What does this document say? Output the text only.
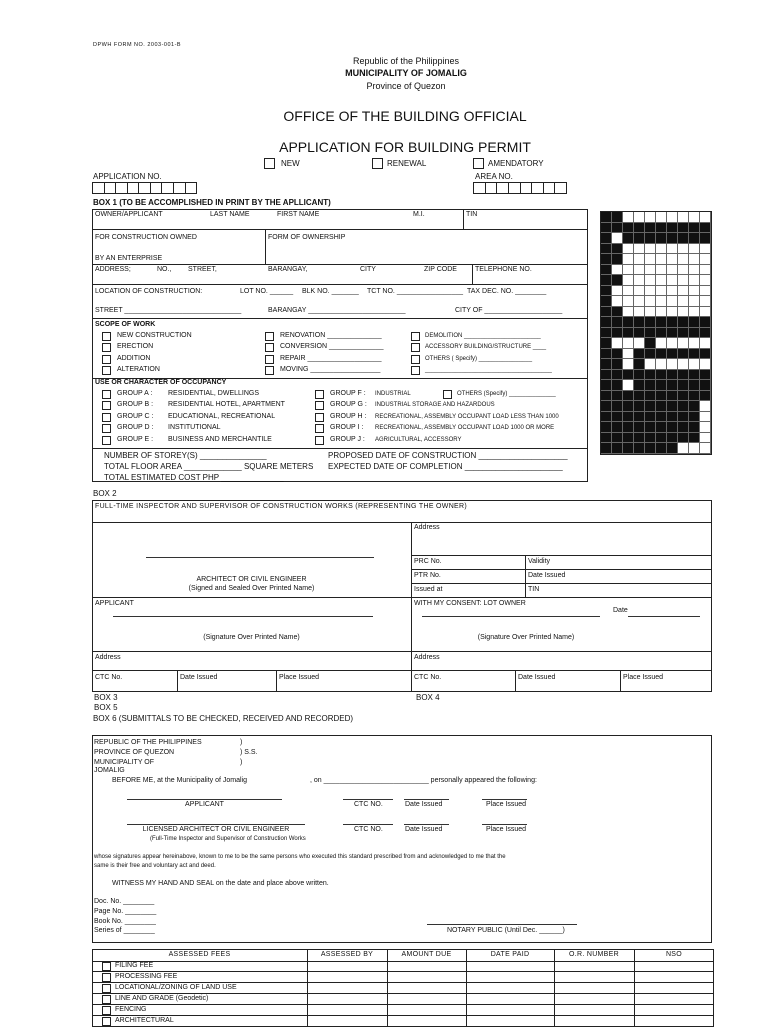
DPWH FORM NO. 2003-001-B
Republic of the Philippines
MUNICIPALITY OF JOMALIG
Province of Quezon
OFFICE OF THE BUILDING OFFICIAL
APPLICATION FOR BUILDING PERMIT
NEW	RENEWAL	AMENDATORY
APPLICATION NO.	AREA NO.
BOX 1 (TO BE ACCOMPLISHED IN PRINT BY THE APLLICANT)
OWNER/APPLICANT	LAST NAME	FIRST NAME	M.I.	TIN
FOR CONSTRUCTION OWNED
BY AN ENTERPRISE
FORM OF OWNERSHIP
ADDRESS;	NO., STREET,	BARANGAY,	CITY	ZIP CODE	TELEPHONE NO.
LOCATION OF CONSTRUCTION:	LOT NO. ______ BLK NO. _______ TCT NO. _________________ TAX DEC. NO. ________
STREET ______________________________	BARANGAY _________________________	CITY OF ____________________
SCOPE OF WORK
NEW CONSTRUCTION
ERECTION
ADDITION
ALTERATION
RENOVATION ______________
CONVERSION ______________
REPAIR ___________________
MOVING __________________
DEMOLITION _______________________
ACCESSORY BUILDING/STRUCTURE ____
OTHERS ( Specify) ________________
______________________________________
USE OR CHARACTER OF OCCUPANCY
GROUP A : RESIDENTIAL, DWELLINGS
GROUP B : RESIDENTIAL HOTEL, APARTMENT
GROUP C : EDUCATIONAL, RECREATIONAL
GROUP D : INSTITUTIONAL
GROUP E : BUSINESS AND MERCHANTILE
GROUP F : INDUSTRIAL
GROUP G : INDUSTRIAL STORAGE AND HAZARDOUS
GROUP H : RECREATIONAL, ASSEMBLY OCCUPANT LOAD LESS THAN 1000
GROUP I : RECREATIONAL, ASSEMBLY OCCUPANT LOAD 1000 OR MORE
GROUP J : AGRICULTURAL, ACCESSORY
OTHERS (Specify) ______________
NUMBER OF STOREY(S) _______________
TOTAL FLOOR AREA _____________ SQUARE METERS
TOTAL ESTIMATED COST PHP ______________
PROPOSED DATE OF CONSTRUCTION ____________________
EXPECTED DATE OF COMPLETION ______________________
BOX 2
FULL-TIME INSPECTOR AND SUPERVISOR OF CONSTRUCTION WORKS (REPRESENTING THE OWNER)
Address
PRC No.	Validity
PTR No.	Date Issued
Issued at	TIN
ARCHITECT OR CIVIL ENGINEER
(Signed and Sealed Over Printed Name)
APPLICANT
(Signature Over Printed Name)
WITH MY CONSENT: LOT OWNER
Date
(Signature Over Printed Name)
Address	Address
CTC No.	Date Issued	Place Issued	CTC No.	Date Issued	Place Issued
BOX 3	BOX 4
BOX 5
BOX 6 (SUBMITTALS TO BE CHECKED, RECEIVED AND RECORDED)
REPUBLIC OF THE PHILIPPINES	)
PROVINCE OF QUEZON	) S.S.
MUNICIPALITY OF	)
JOMALIG
BEFORE ME, at the Municipality of Jomalig	, on ___________________________ personally appeared the following:
APPLICANT	CTC NO.	Date Issued	Place Issued
LICENSED ARCHITECT OR CIVIL ENGINEER
(Full-Time Inspector and Supervisor of Construction Works
CTC NO.	Date Issued	Place Issued
whose signatures appear hereinabove, known to me to be the same persons who executed this standard prescribed from and acknowledged to me that the
same is their free and voluntary act and deed.
WITNESS MY HAND AND SEAL on the date and place above written.
Doc. No. ________
Page No. ________
Book No. ________
Series of ________	NOTARY PUBLIC (Until Dec. ______)
ASSESSED FEES	ASSESSED BY	AMOUNT DUE	DATE PAID	O.R. NUMBER	NSO
FILING FEE
PROCESSING FEE
LOCATIONAL/ZONING OF LAND USE
LINE AND GRADE (Geodetic)
FENCING
ARCHITECTURAL
